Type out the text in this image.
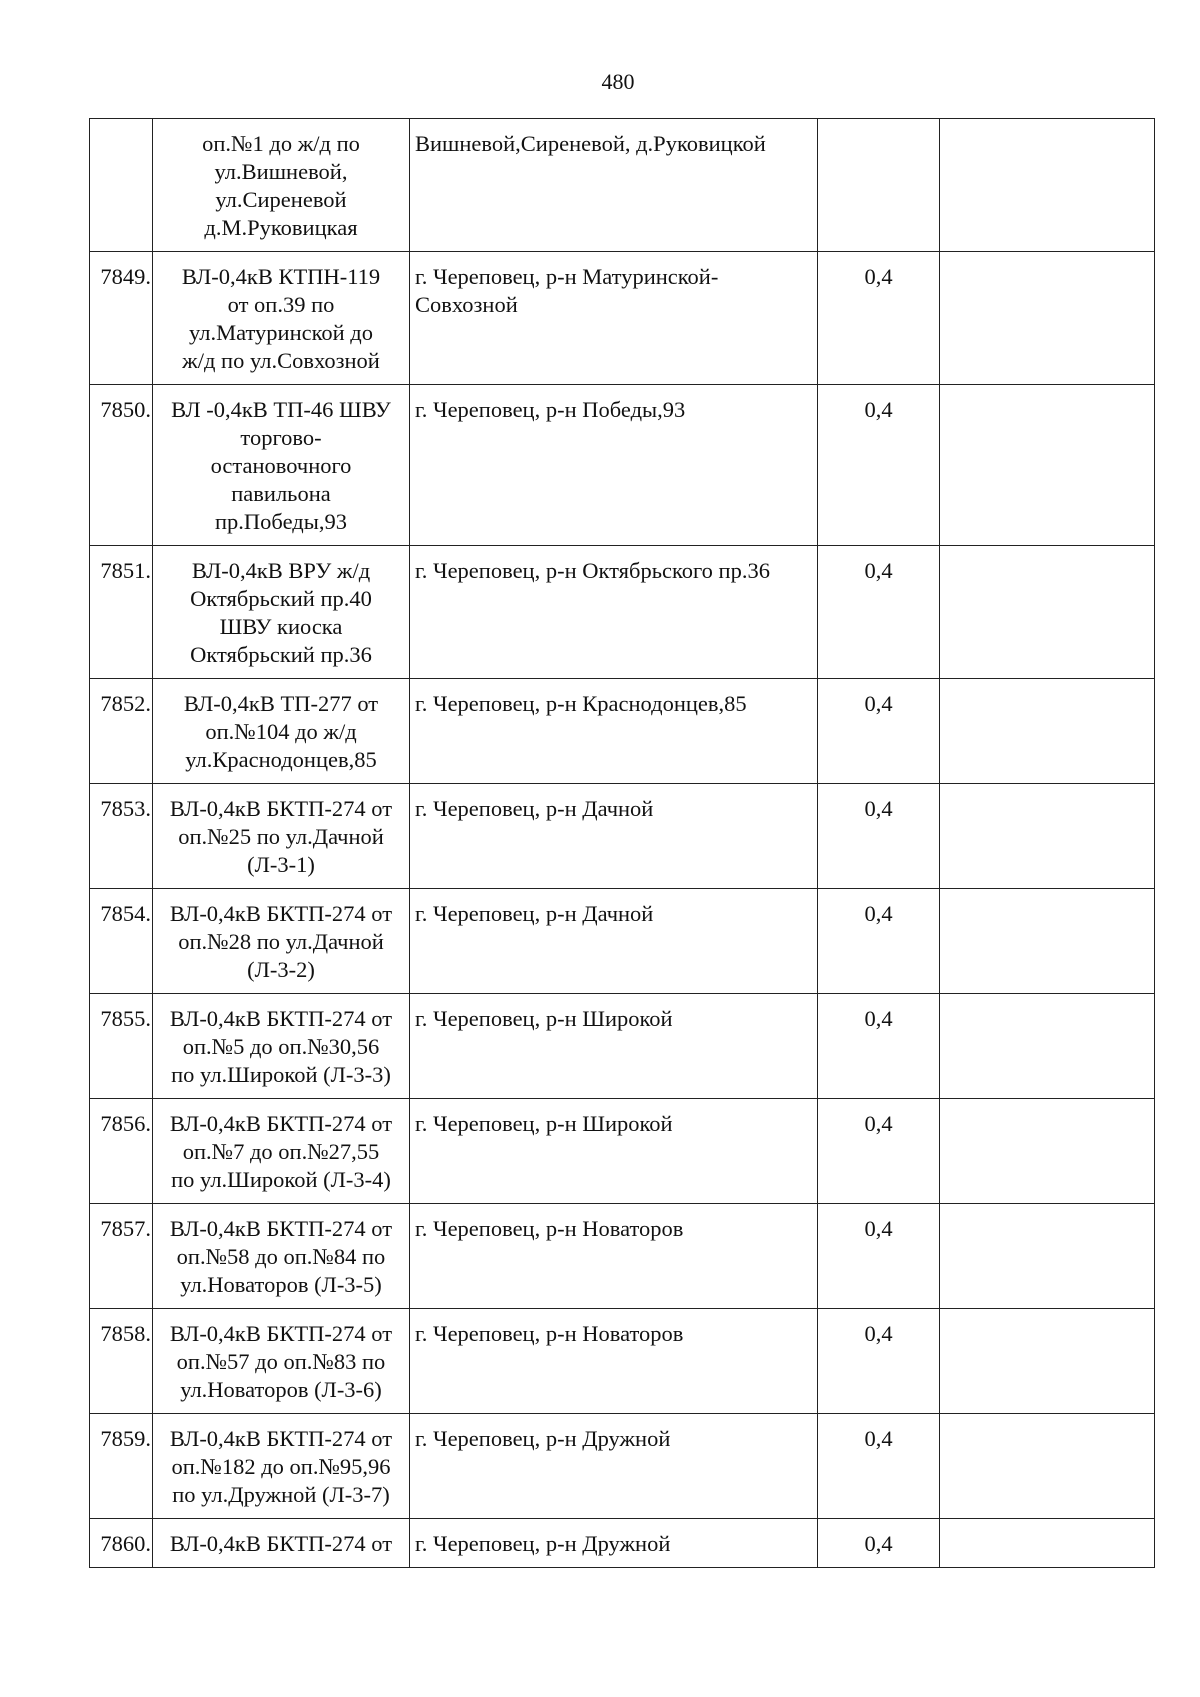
480
	оп.№1 до ж/д по
ул.Вишневой,
ул.Сиреневой
д.М.Руковицкая	Вишневой,Сиреневой, д.Руковицкой		
7849.	ВЛ-0,4кВ КТПН-119
от оп.39 по
ул.Матуринской до
ж/д по ул.Совхозной	г. Череповец, р-н Матуринской-
Совхозной	0,4	
7850.	ВЛ -0,4кВ ТП-46 ШВУ
торгово-
остановочного
павильона
пр.Победы,93	г. Череповец, р-н Победы,93	0,4	
7851.	ВЛ-0,4кВ ВРУ ж/д
Октябрьский пр.40
ШВУ киоска
Октябрьский пр.36	г. Череповец, р-н Октябрьского пр.36	0,4	
7852.	ВЛ-0,4кВ ТП-277 от
оп.№104 до ж/д
ул.Краснодонцев,85	г. Череповец, р-н Краснодонцев,85	0,4	
7853.	ВЛ-0,4кВ БКТП-274 от
оп.№25 по ул.Дачной
(Л-3-1)	г. Череповец, р-н Дачной	0,4	
7854.	ВЛ-0,4кВ БКТП-274 от
оп.№28 по ул.Дачной
(Л-3-2)	г. Череповец, р-н Дачной	0,4	
7855.	ВЛ-0,4кВ БКТП-274 от
оп.№5 до оп.№30,56
по ул.Широкой (Л-3-3)	г. Череповец, р-н Широкой	0,4	
7856.	ВЛ-0,4кВ БКТП-274 от
оп.№7 до оп.№27,55
по ул.Широкой (Л-3-4)	г. Череповец, р-н Широкой	0,4	
7857.	ВЛ-0,4кВ БКТП-274 от
оп.№58 до оп.№84 по
ул.Новаторов (Л-3-5)	г. Череповец, р-н Новаторов	0,4	
7858.	ВЛ-0,4кВ БКТП-274 от
оп.№57 до оп.№83 по
ул.Новаторов (Л-3-6)	г. Череповец, р-н Новаторов	0,4	
7859.	ВЛ-0,4кВ БКТП-274 от
оп.№182 до оп.№95,96
по ул.Дружной (Л-3-7)	г. Череповец, р-н Дружной	0,4	
7860.	ВЛ-0,4кВ БКТП-274 от	г. Череповец, р-н Дружной	0,4	
